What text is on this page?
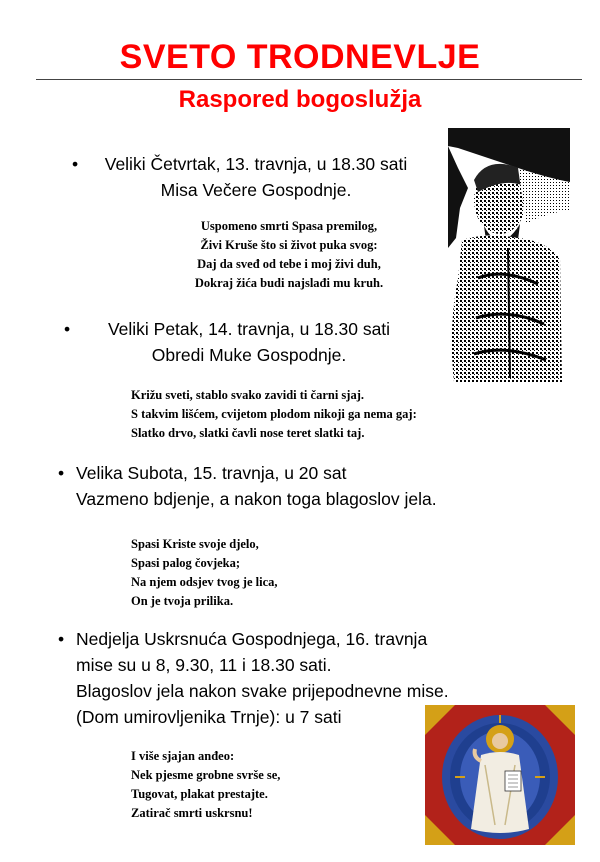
SVETO TRODNEVLJE
Raspored bogoslužja
•	Veliki Četvrtak, 13. travnja, u 18.30 sati
Misa Večere Gospodnje.
Uspomeno smrti Spasa premilog,
Živi Kruše što si život puka svog:
Daj da sveđ od tebe i moj živi duh,
Dokraj žića budi najslađi mu kruh.
•	Veliki Petak, 14. travnja, u 18.30 sati
Obredi Muke Gospodnje.
Križu sveti, stablo svako zavidi ti čarni sjaj.
S takvim lišćem, cvijetom plodom nikoji ga nema gaj:
Slatko drvo, slatki čavli nose teret slatki taj.
• Velika Subota, 15. travnja, u 20 sat
Vazmeno bdjenje, a nakon toga blagoslov jela.
Spasi Kriste svoje djelo,
Spasi palog čovjeka;
Na njem odsjev tvog je lica,
On je tvoja prilika.
• Nedjelja Uskrsnuća Gospodnjega, 16. travnja
mise su u 8, 9.30, 11 i 18.30 sati.
Blagoslov jela nakon svake prijepodnevne mise.
(Dom umirovljenika Trnje): u 7 sati
I više sjajan anđeo:
Nek pjesme grobne svrše se,
Tugovat, plakat prestajte.
Zatirač smrti uskrsnu!
